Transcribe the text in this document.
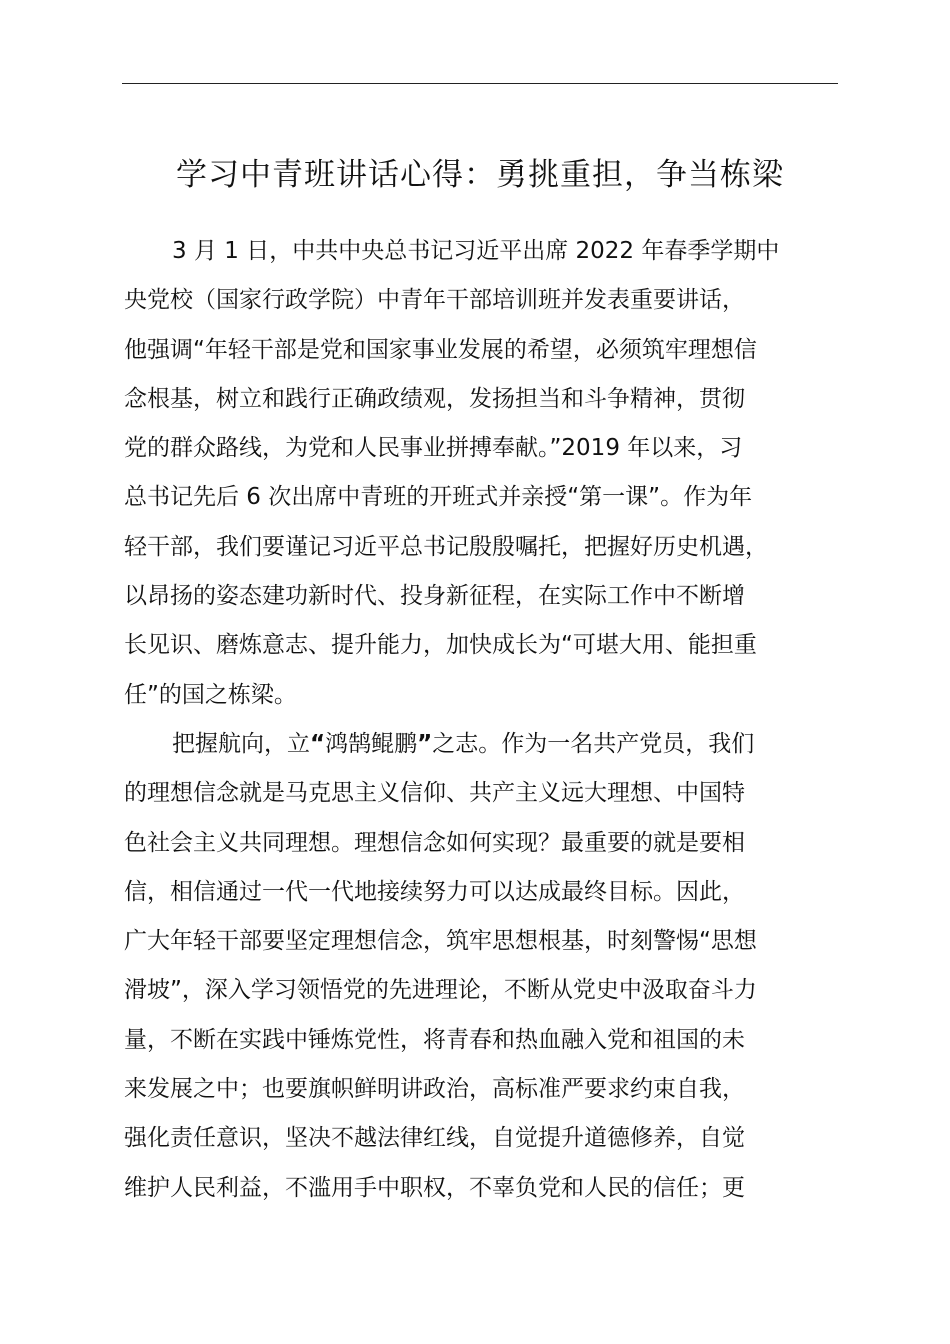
学习中青班讲话心得：勇挑重担，争当栋梁
3 月 1 日，中共中央总书记习近平出席 2022 年春季学期中
央党校（国家行政学院）中青年干部培训班并发表重要讲话，
他强调“年轻干部是党和国家事业发展的希望，必须筑牢理想信
念根基，树立和践行正确政绩观，发扬担当和斗争精神，贯彻
党的群众路线，为党和人民事业拼搏奉献。”2019 年以来，习
总书记先后 6 次出席中青班的开班式并亲授“第一课”。作为年
轻干部，我们要谨记习近平总书记殷殷嘱托，把握好历史机遇，
以昂扬的姿态建功新时代、投身新征程，在实际工作中不断增
长见识、磨炼意志、提升能力，加快成长为“可堪大用、能担重
任”的国之栋梁。
把握航向，立“鸿鹄鲲鹏”之志。作为一名共产党员，我们
的理想信念就是马克思主义信仰、共产主义远大理想、中国特
色社会主义共同理想。理想信念如何实现？最重要的就是要相
信，相信通过一代一代地接续努力可以达成最终目标。因此，
广大年轻干部要坚定理想信念，筑牢思想根基，时刻警惕“思想
滑坡”，深入学习领悟党的先进理论，不断从党史中汲取奋斗力
量，不断在实践中锤炼党性，将青春和热血融入党和祖国的未
来发展之中；也要旗帜鲜明讲政治，高标准严要求约束自我，
强化责任意识，坚决不越法律红线，自觉提升道德修养，自觉
维护人民利益，不滥用手中职权，不辜负党和人民的信任；更
